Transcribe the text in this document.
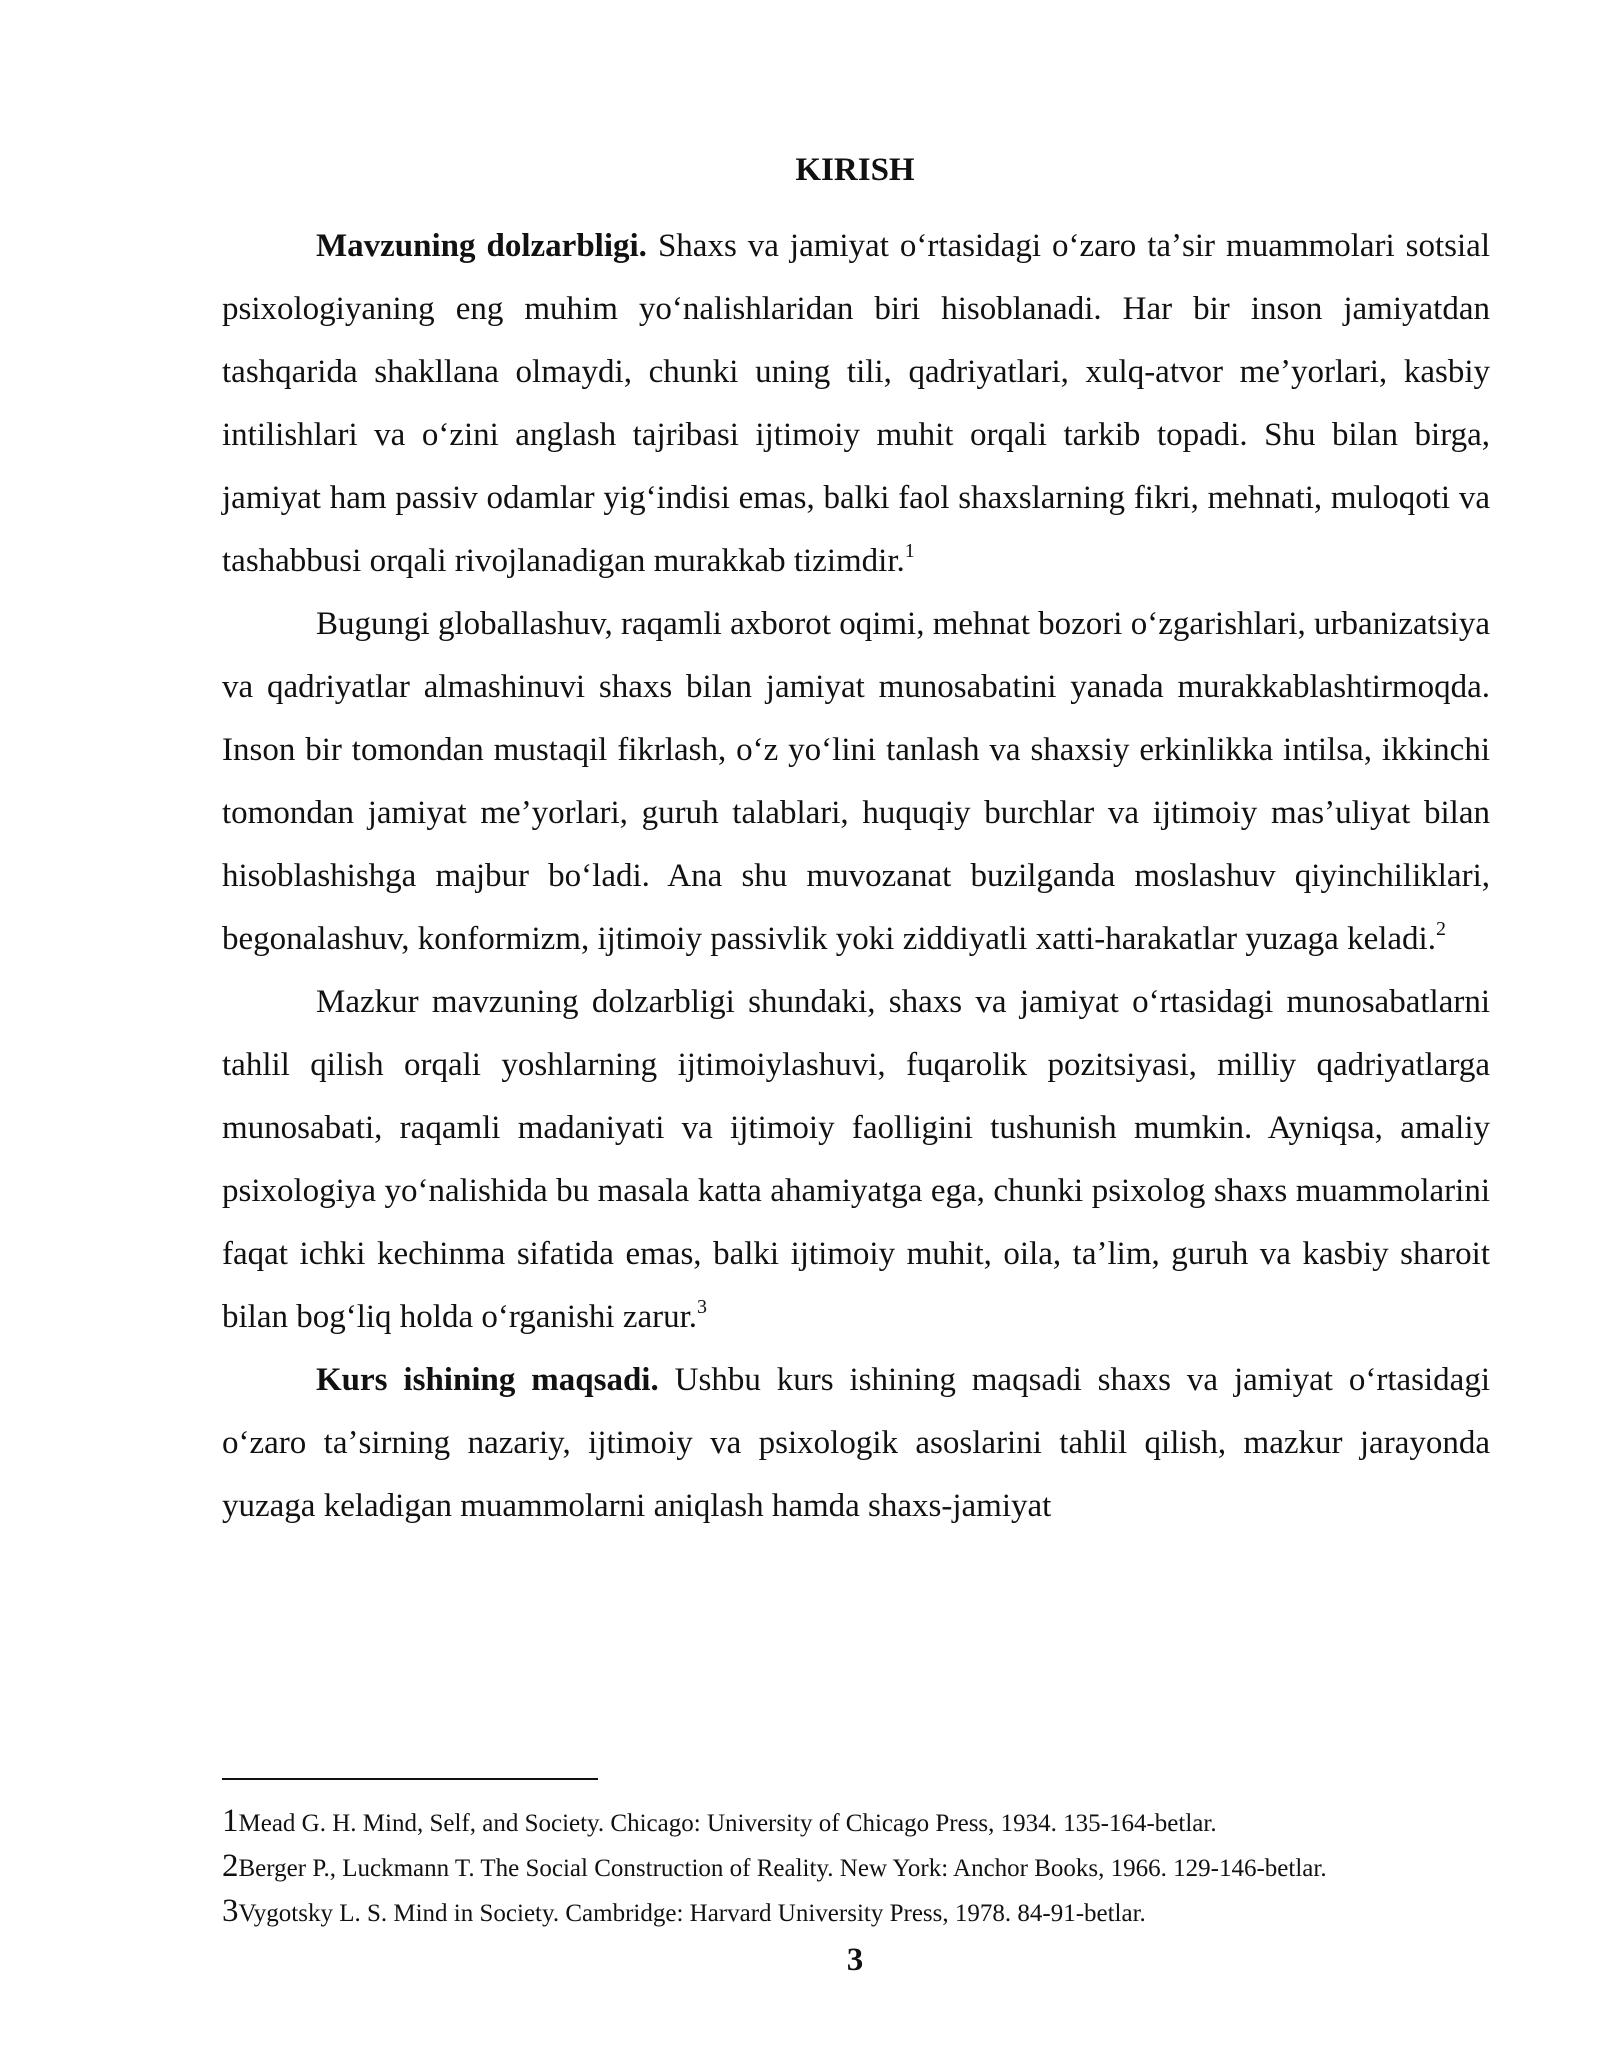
KIRISH

Mavzuning dolzarbligi. Shaxs va jamiyat oʻrtasidagi oʻzaro taʼsir muammolari sotsial psixologiyaning eng muhim yoʻnalishlaridan biri hisoblanadi. Har bir inson jamiyatdan tashqarida shakllana olmaydi, chunki uning tili, qadriyatlari, xulq-atvor meʼyorlari, kasbiy intilishlari va oʻzini anglash tajribasi ijtimoiy muhit orqali tarkib topadi. Shu bilan birga, jamiyat ham passiv odamlar yigʻindisi emas, balki faol shaxslarning fikri, mehnati, muloqoti va tashabbusi orqali rivojlanadigan murakkab tizimdir.$^1$

Bugungi globallashuv, raqamli axborot oqimi, mehnat bozori oʻzgarishlari, urbanizatsiya va qadriyatlar almashinuvi shaxs bilan jamiyat munosabatini yanada murakkablashtirmoqda. Inson bir tomondan mustaqil fikrlash, oʻz yoʻlini tanlash va shaxsiy erkinlikka intilsa, ikkinchi tomondan jamiyat meʼyorlari, guruh talablari, huquqiy burchlar va ijtimoiy masʼuliyat bilan hisoblashishga majbur boʻladi. Ana shu muvozanat buzilganda moslashuv qiyinchiliklari, begonalashuv, konformizm, ijtimoiy passivlik yoki ziddiyatli xatti-harakatlar yuzaga keladi.$^2$

Mazkur mavzuning dolzarbligi shundaki, shaxs va jamiyat oʻrtasidagi munosabatlarni tahlil qilish orqali yoshlarning ijtimoiylashuvi, fuqarolik pozitsiyasi, milliy qadriyatlarga munosabati, raqamli madaniyati va ijtimoiy faolligini tushunish mumkin. Ayniqsa, amaliy psixologiya yoʻnalishida bu masala katta ahamiyatga ega, chunki psixolog shaxs muammolarini faqat ichki kechinma sifatida emas, balki ijtimoiy muhit, oila, taʼlim, guruh va kasbiy sharoit bilan bogʻliq holda oʻrganishi zarur.$^3$

Kurs ishining maqsadi. Ushbu kurs ishining maqsadi shaxs va jamiyat oʻrtasidagi oʻzaro taʼsirning nazariy, ijtimoiy va psixologik asoslarini tahlil qilish, mazkur jarayonda yuzaga keladigan muammolarni aniqlash hamda shaxs-jamiyat

1Mead G. H. Mind, Self, and Society. Chicago: University of Chicago Press, 1934. 135-164-betlar.

2Berger P., Luckmann T. The Social Construction of Reality. New York: Anchor Books, 1966. 129-146-betlar.

3Vygotsky L. S. Mind in Society. Cambridge: Harvard University Press, 1978. 84-91-betlar.

3
